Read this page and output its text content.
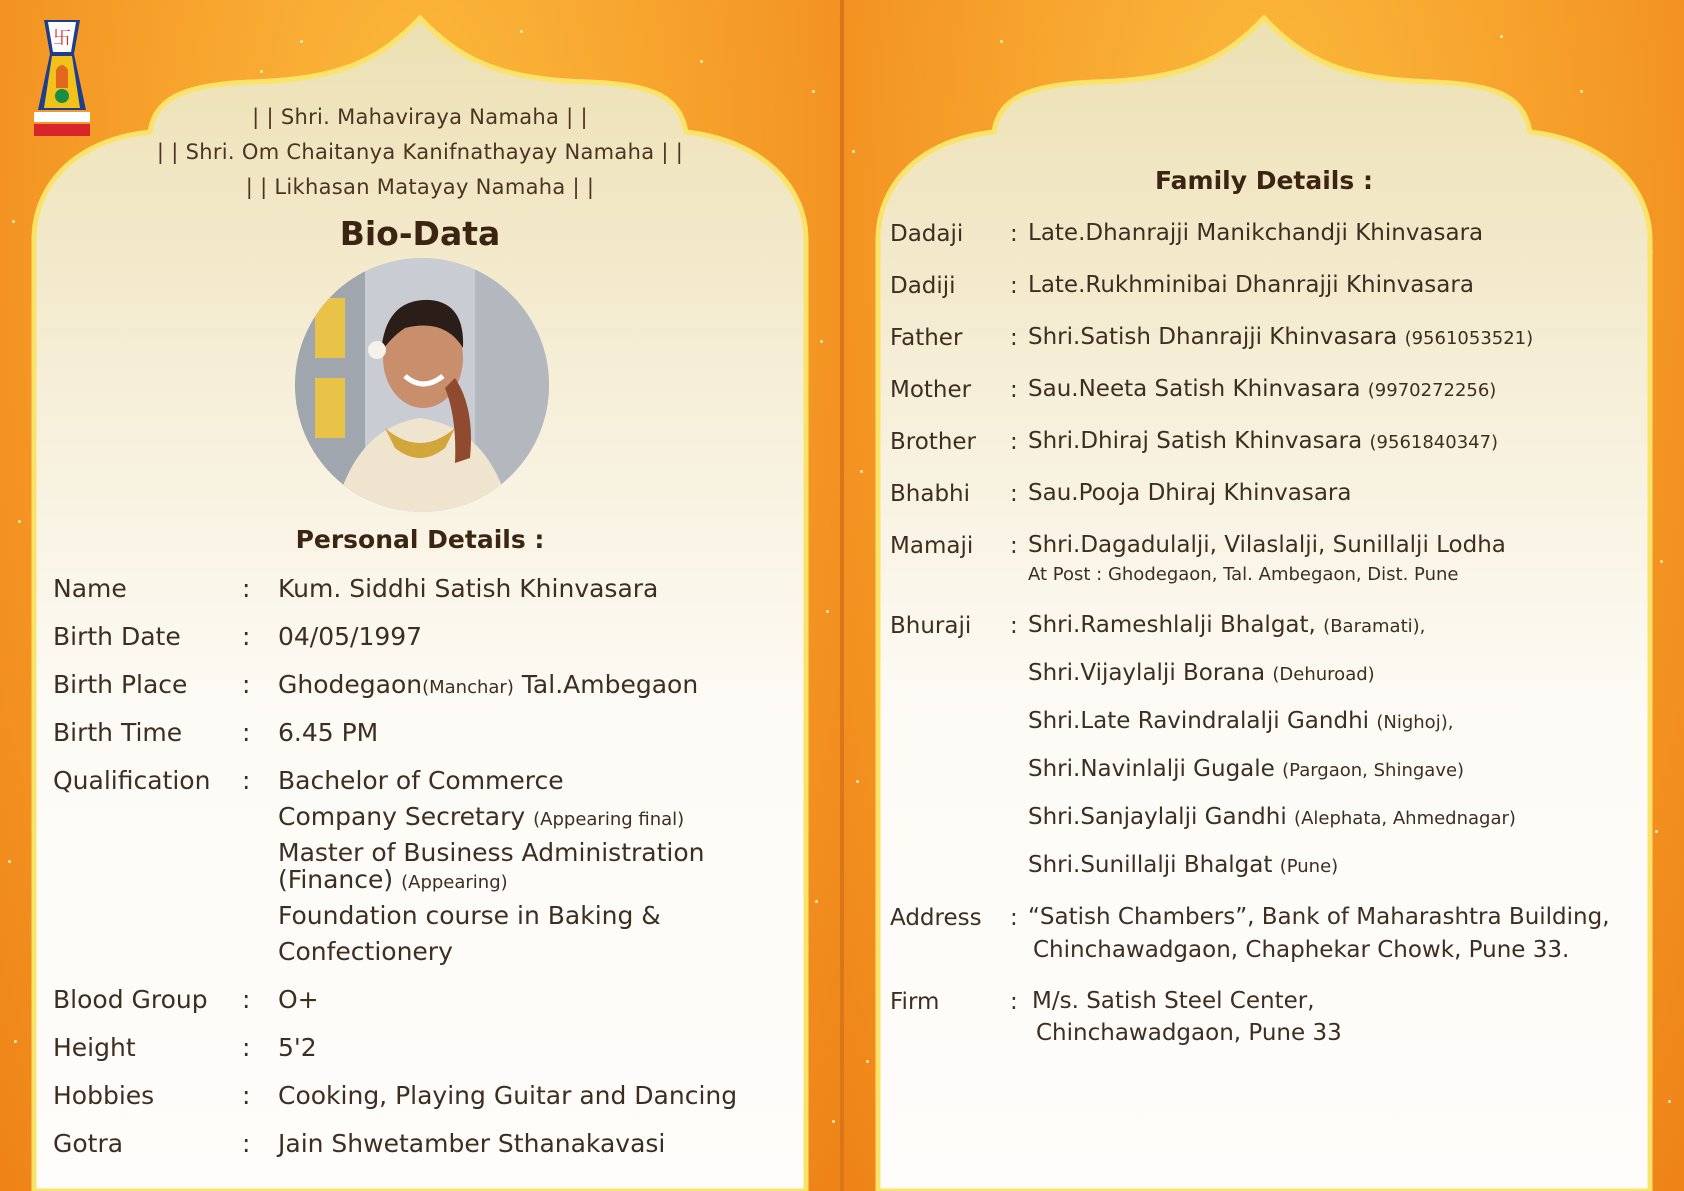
卐
| | Shri. Mahaviraya Namaha | |
| | Shri. Om Chaitanya Kanifnathayay Namaha | |
| | Likhasan Matayay Namaha | |
Bio-Data
Personal Details :
Name	: Kum. Siddhi Satish Khinvasara
Birth Date : 04/05/1997
Birth Place : Ghodegaon(Manchar) Tal.Ambegaon
Birth Time : 6.45 PM
Qualification : Bachelor of Commerce
Company Secretary (Appearing final)
Master of Business Administration
(Finance) (Appearing)
Foundation course in Baking &
Confectionery
Blood Group : O+
Height	: 5'2
Hobbies	: Cooking, Playing Guitar and Dancing
Gotra	: Jain Shwetamber Sthanakavasi
Family Details :
Dadaji : Late.Dhanrajji Manikchandji Khinvasara
Dadiji : Late.Rukhminibai Dhanrajji Khinvasara
Father : Shri.Satish Dhanrajji Khinvasara (9561053521)
Mother : Sau.Neeta Satish Khinvasara (9970272256)
Brother : Shri.Dhiraj Satish Khinvasara (9561840347)
Bhabhi : Sau.Pooja Dhiraj Khinvasara
Mamaji : Shri.Dagadulalji, Vilaslalji, Sunillalji Lodha
At Post : Ghodegaon, Tal. Ambegaon, Dist. Pune
Bhuraji : Shri.Rameshlalji Bhalgat, (Baramati),
Shri.Vijaylalji Borana (Dehuroad)
Shri.Late Ravindralalji Gandhi (Nighoj),
Shri.Navinlalji Gugale (Pargaon, Shingave)
Shri.Sanjaylalji Gandhi (Alephata, Ahmednagar)
Shri.Sunillalji Bhalgat (Pune)
Address : “Satish Chambers”, Bank of Maharashtra Building,
Chinchawadgaon, Chaphekar Chowk, Pune 33.
Firm	: M/s. Satish Steel Center,
Chinchawadgaon, Pune 33
